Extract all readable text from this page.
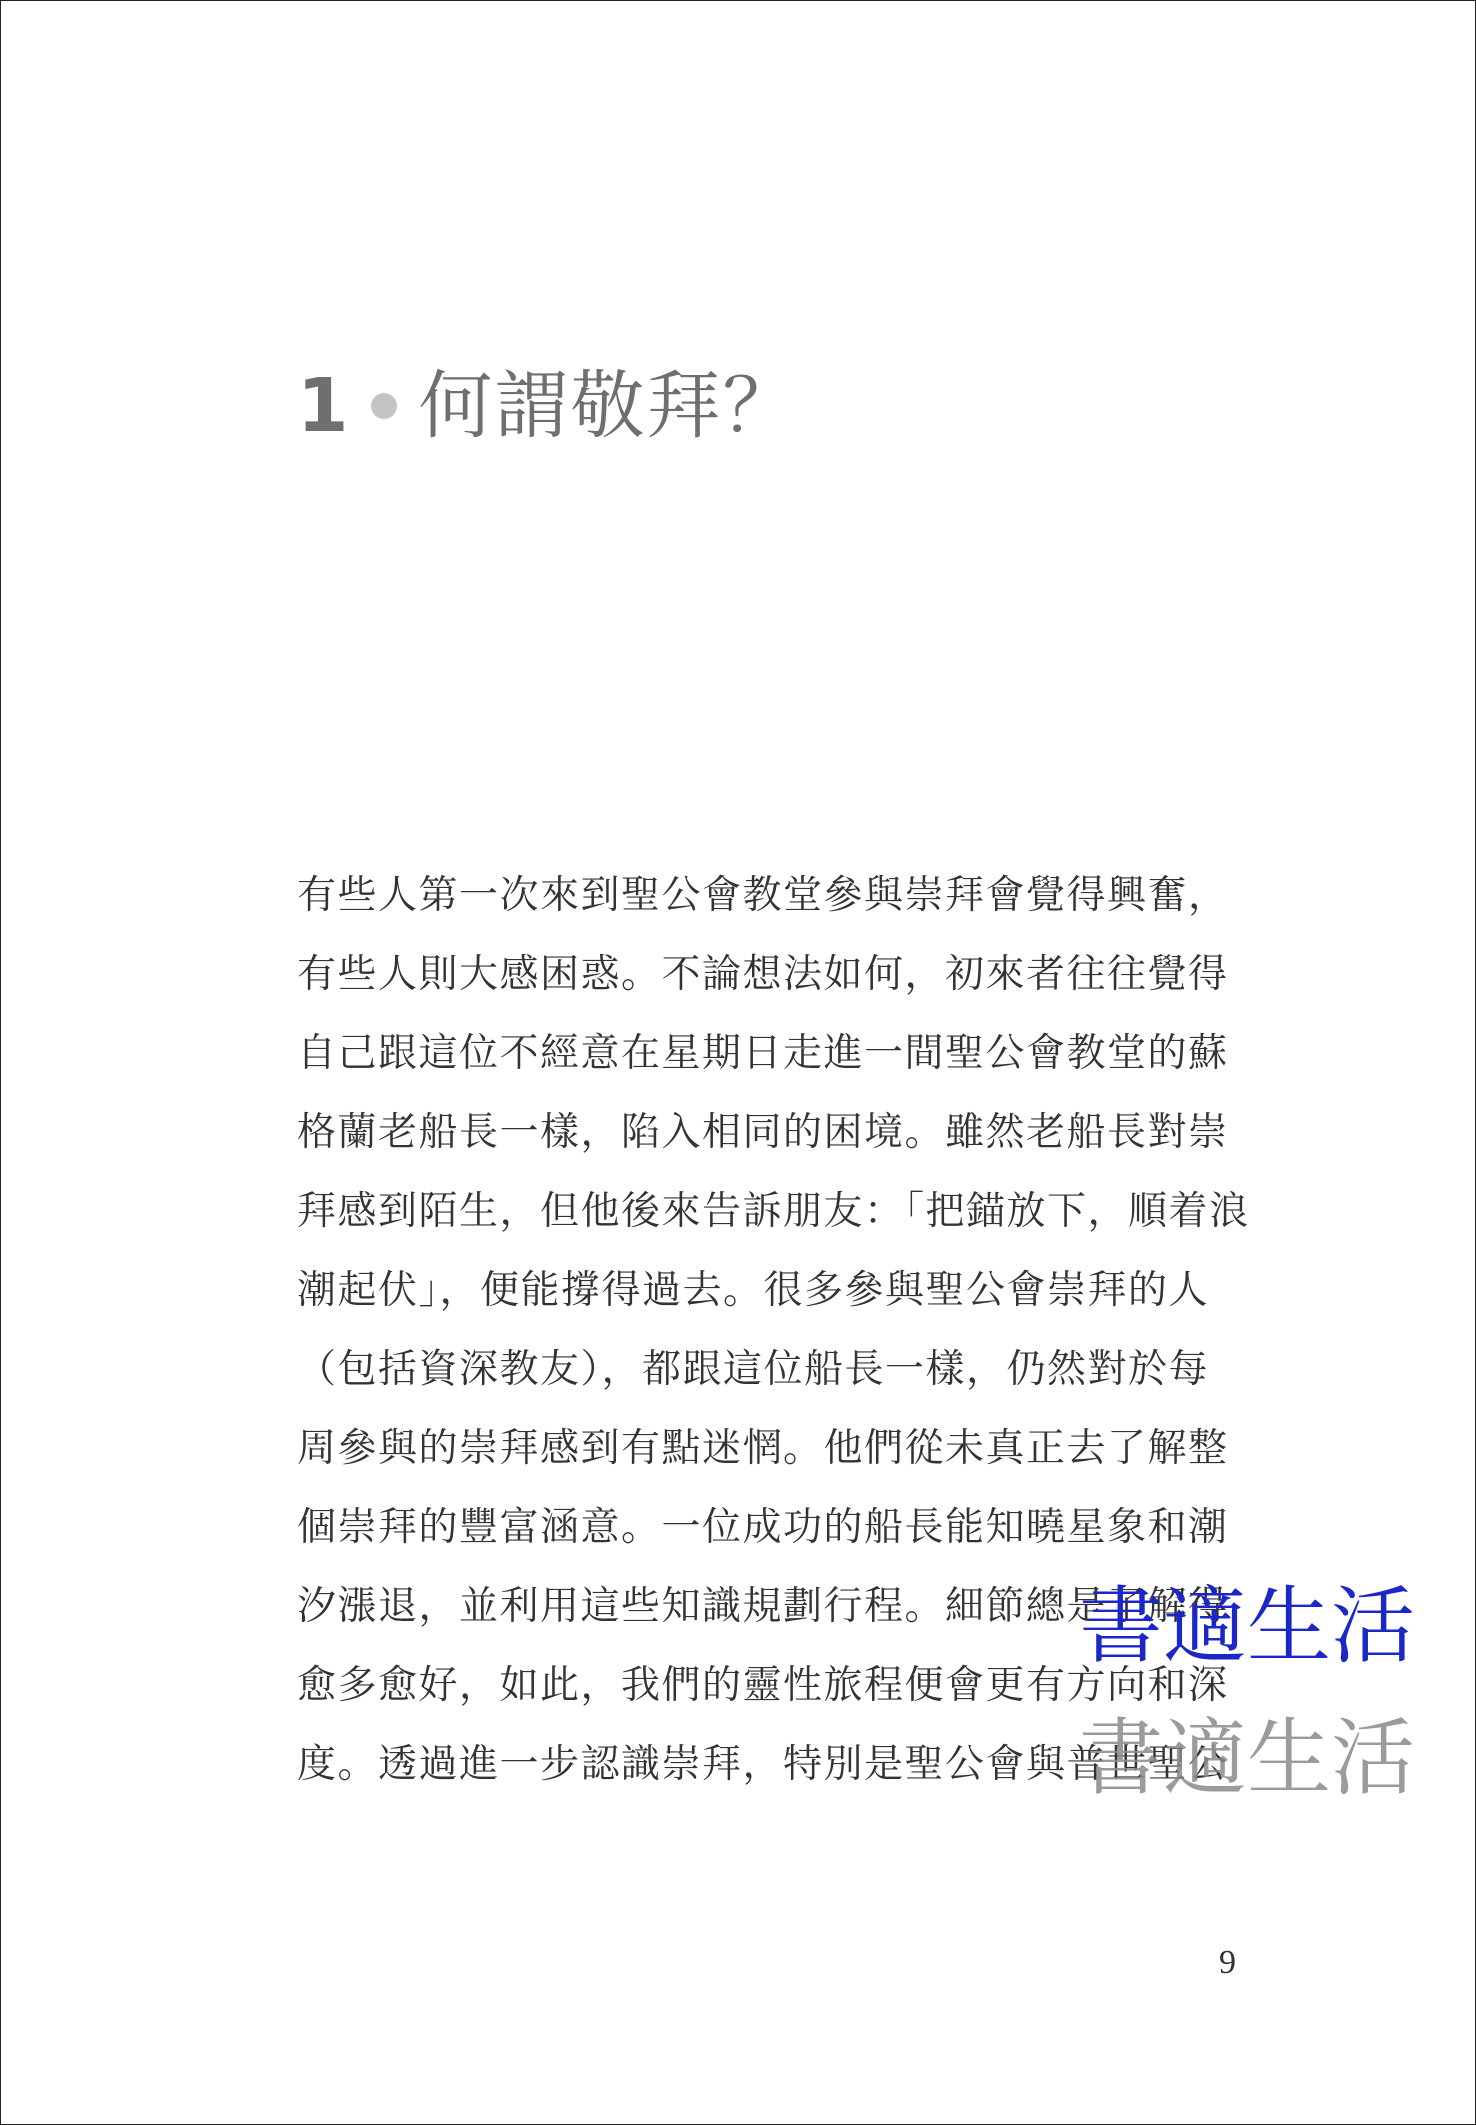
1 何謂敬拜？
有些人第一次來到聖公會教堂參與崇拜會覺得興奮，
有些人則大感困惑。不論想法如何，初來者往往覺得
自己跟這位不經意在星期日走進一間聖公會教堂的蘇
格蘭老船長一樣，陷入相同的困境。雖然老船長對崇
拜感到陌生，但他後來告訴朋友：「把錨放下，順着浪
潮起伏」，便能撐得過去。很多參與聖公會崇拜的人
（包括資深教友），都跟這位船長一樣，仍然對於每
周參與的崇拜感到有點迷惘。他們從未真正去了解整
個崇拜的豐富涵意。一位成功的船長能知曉星象和潮
汐漲退，並利用這些知識規劃行程。細節總是了解得
愈多愈好，如此，我們的靈性旅程便會更有方向和深
度。透過進一步認識崇拜，特別是聖公會與普世聖公
書適生活
書適生活
9
